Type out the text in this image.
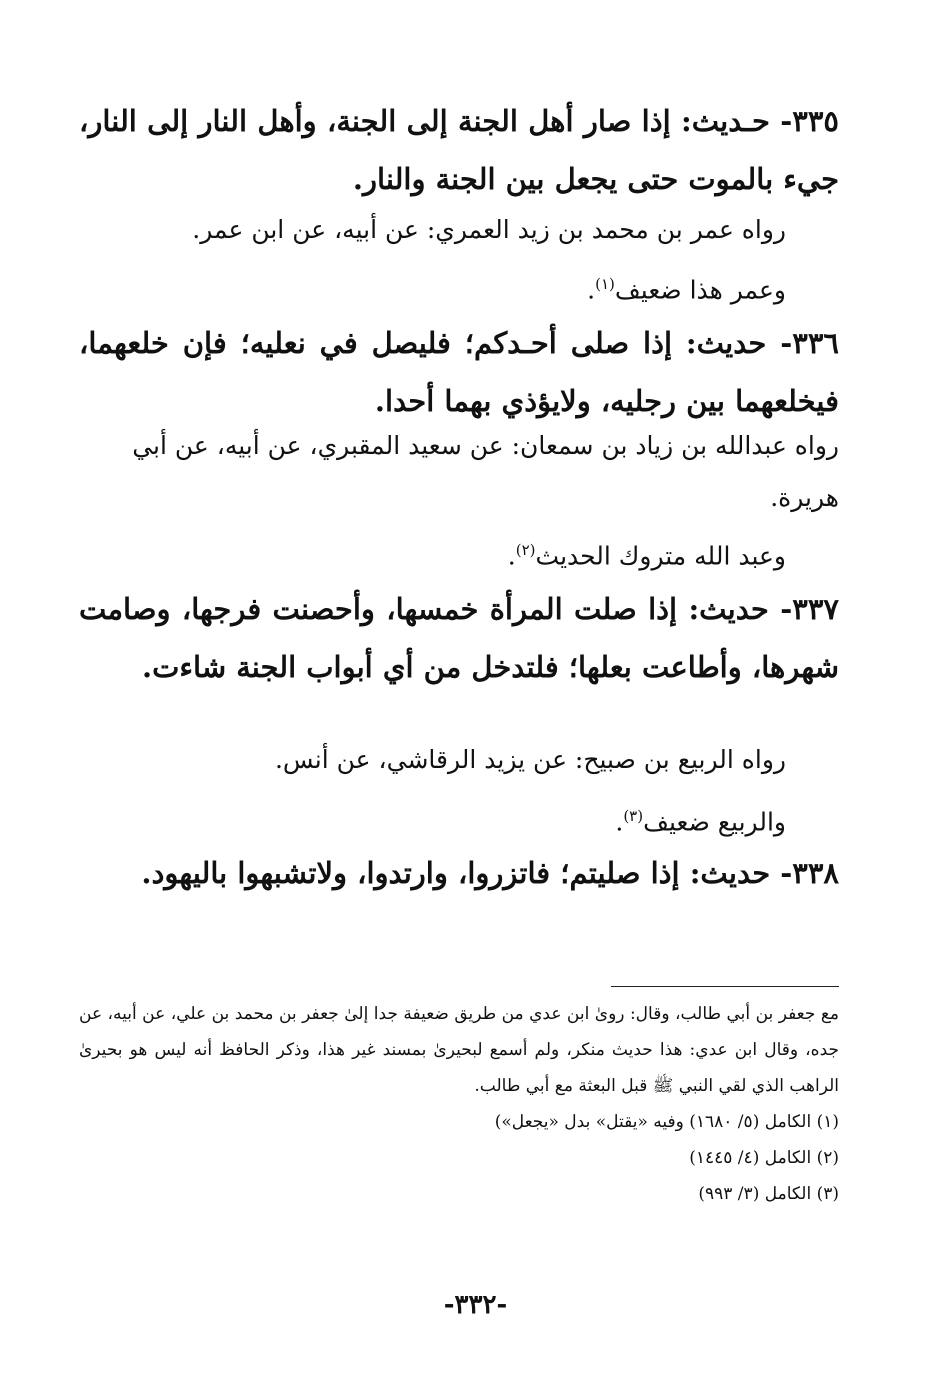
٣٣٥- حـديث: إذا صار أهل الجنة إلى الجنة، وأهل النار إلى النار، جيء بالموت حتى يجعل بين الجنة والنار.

رواه عمر بن محمد بن زيد العمري: عن أبيه، عن ابن عمر.

وعمر هذا ضعيف$^{(١)}$.

٣٣٦- حديث: إذا صلى أحـدكم؛ فليصل في نعليه؛ فإن خلعهما، فيخلعهما بين رجليه، ولايؤذي بهما أحدا.

رواه عبدالله بن زياد بن سمعان: عن سعيد المقبري، عن أبيه، عن أبي هريرة.

وعبد الله متروك الحديث$^{(٢)}$.

٣٣٧- حديث: إذا صلت المرأة خمسها، وأحصنت فرجها، وصامت شهرها، وأطاعت بعلها؛ فلتدخل من أي أبواب الجنة شاءت.

رواه الربيع بن صبيح: عن يزيد الرقاشي، عن أنس.

والربيع ضعيف$^{(٣)}$.

٣٣٨- حديث: إذا صليتم؛ فاتزروا، وارتدوا، ولاتشبهوا باليهود.

مع جعفر بن أبي طالب، وقال: روىٰ ابن عدي من طريق ضعيفة جدا إلىٰ جعفر بن محمد بن علي، عن أبيه، عن جده، وقال ابن عدي: هذا حديث منكر، ولم أسمع لبحيرىٰ بمسند غير هذا، وذكر الحافظ أنه ليس هو بحيرىٰ الراهب الذي لقي النبي ﷺ قبل البعثة مع أبي طالب.

(١) الكامل (٥/ ١٦٨٠) وفيه «يقتل» بدل «يجعل»)

(٢) الكامل (٤/ ١٤٤٥)

(٣) الكامل (٣/ ٩٩٣)

-٣٣٢-
